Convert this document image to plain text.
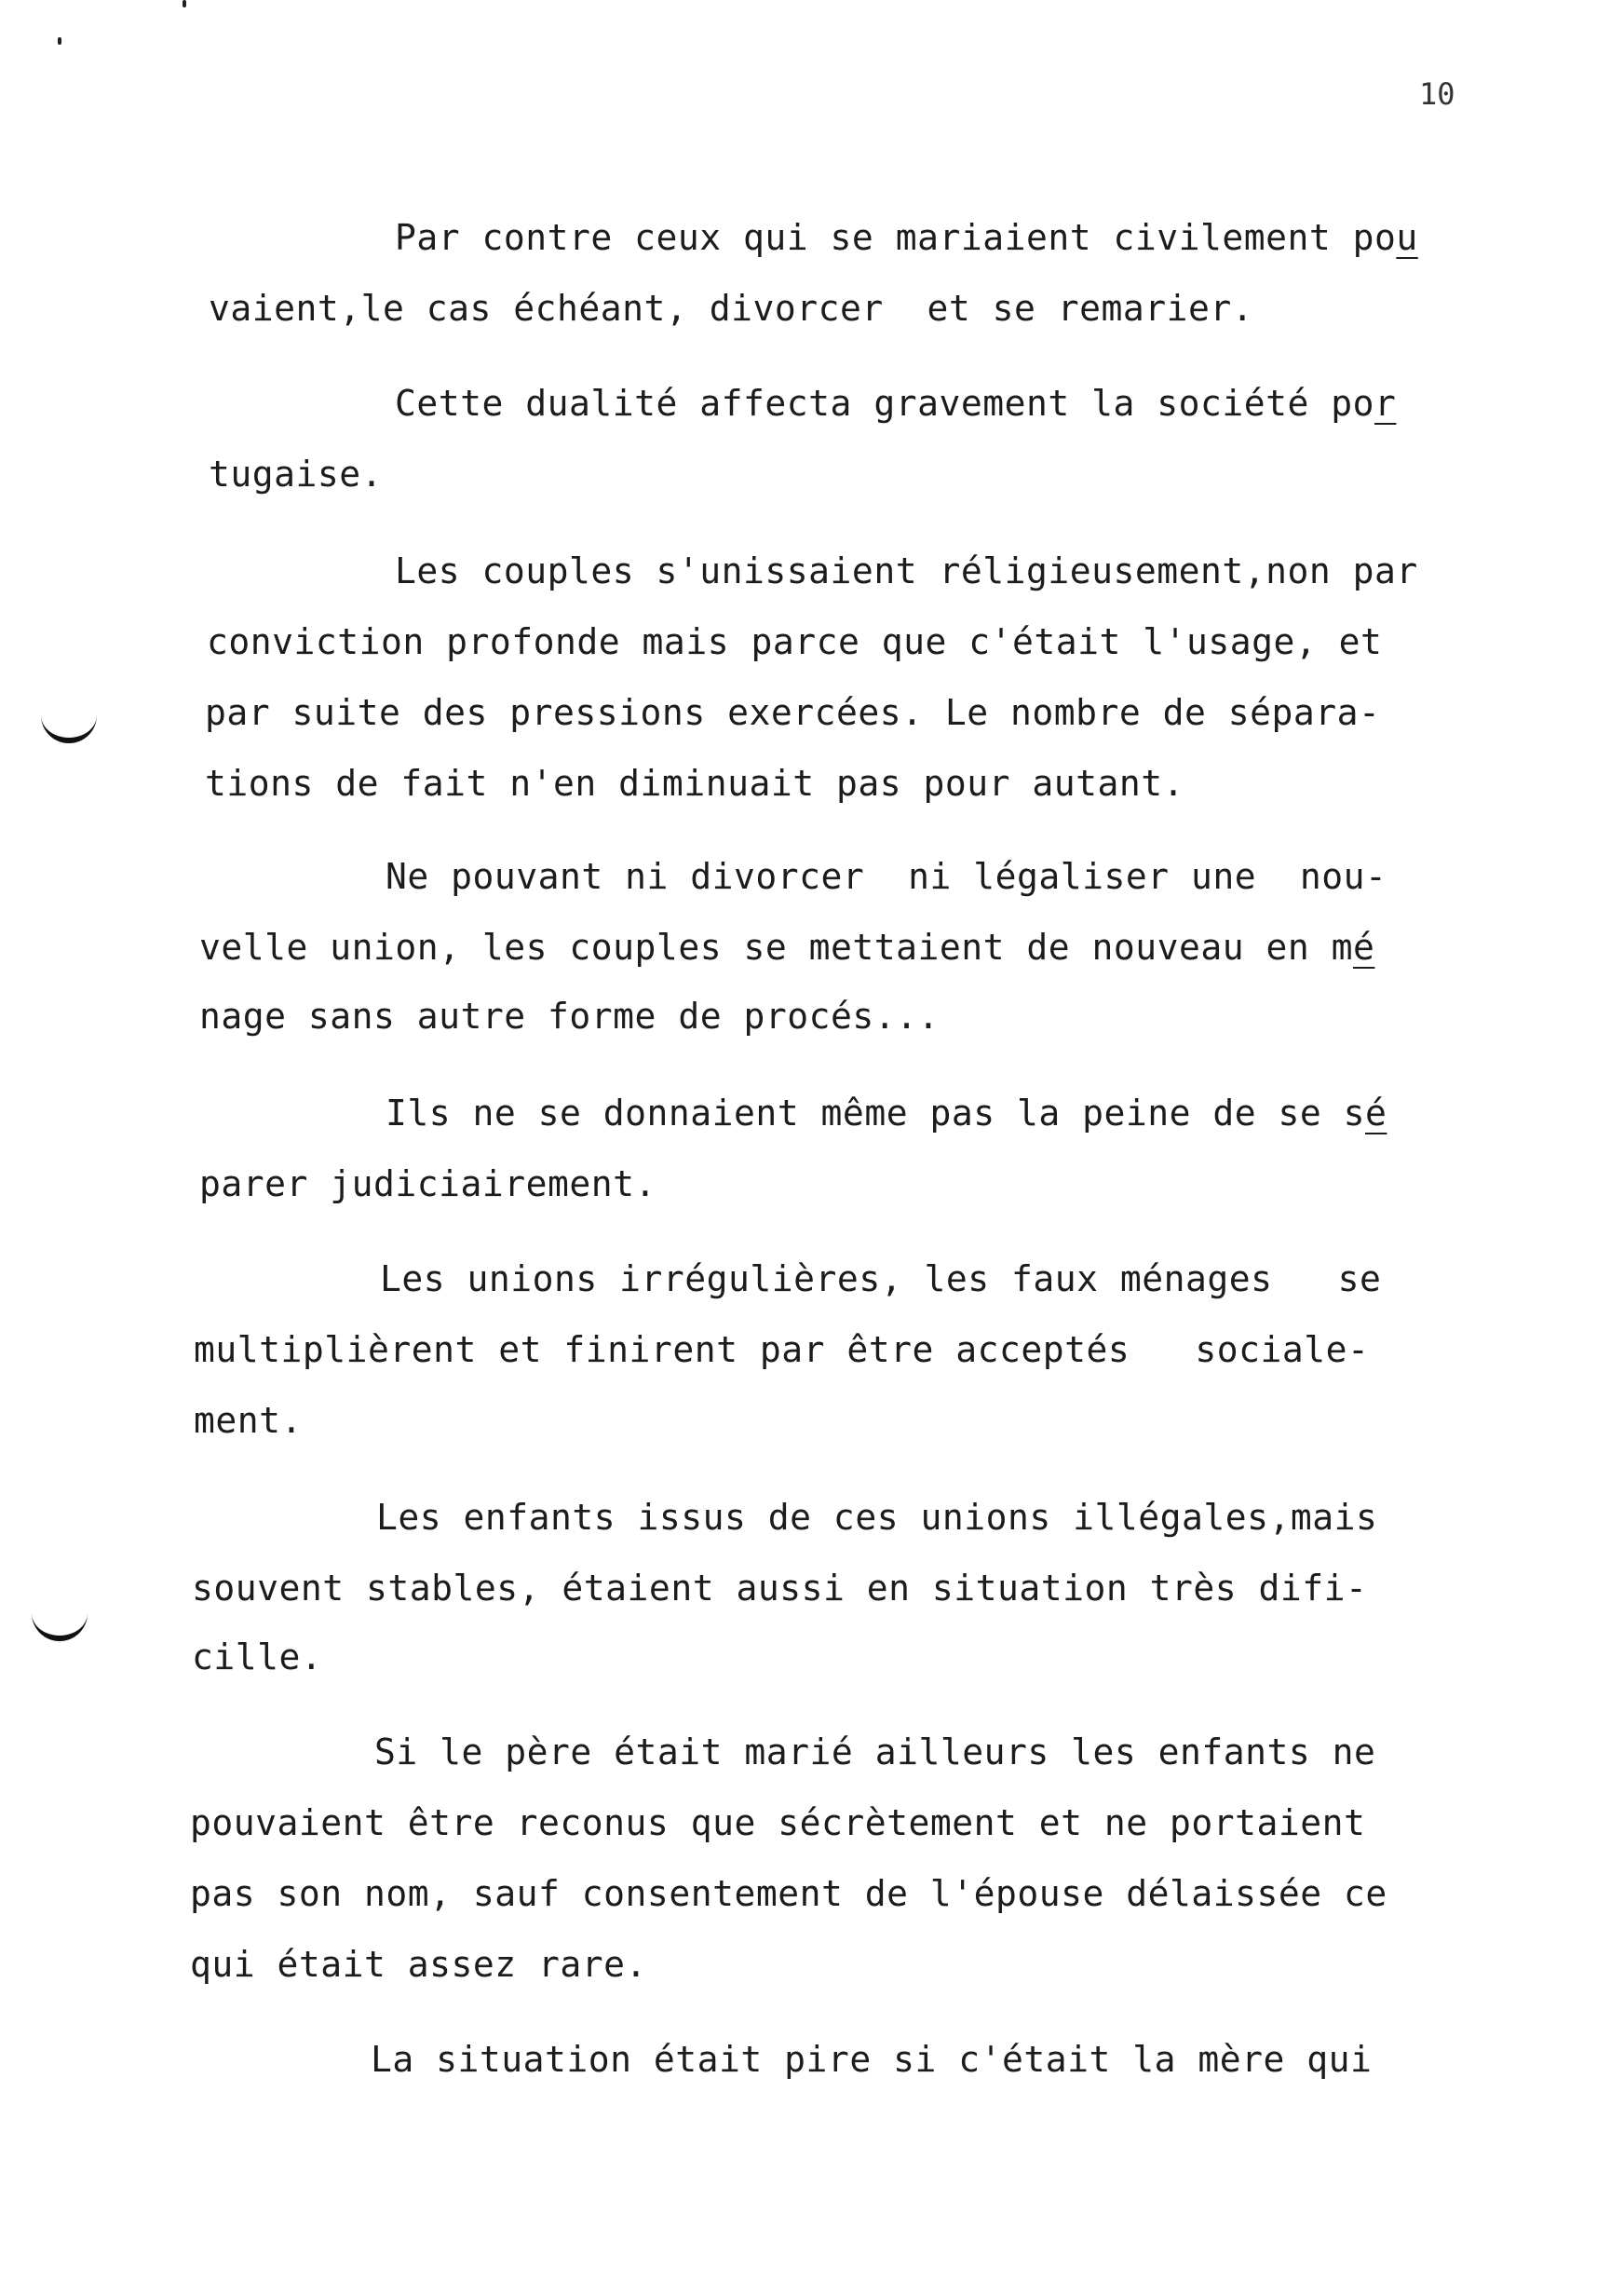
10
Par contre ceux qui se mariaient civilement pou
vaient,le cas échéant, divorcer  et se remarier.
Cette dualité affecta gravement la société por
tugaise.
Les couples s'unissaient réligieusement,non par
conviction profonde mais parce que c'était l'usage, et
par suite des pressions exercées. Le nombre de sépara-
tions de fait n'en diminuait pas pour autant.
Ne pouvant ni divorcer  ni légaliser une  nou-
velle union, les couples se mettaient de nouveau en mé
nage sans autre forme de procés...
Ils ne se donnaient même pas la peine de se sé
parer judiciairement.
Les unions irrégulières, les faux ménages   se
multiplièrent et finirent par être acceptés   sociale-
ment.
Les enfants issus de ces unions illégales,mais
souvent stables, étaient aussi en situation très difi-
cille.
Si le père était marié ailleurs les enfants ne
pouvaient être reconus que sécrètement et ne portaient
pas son nom, sauf consentement de l'épouse délaissée ce
qui était assez rare.
La situation était pire si c'était la mère qui
